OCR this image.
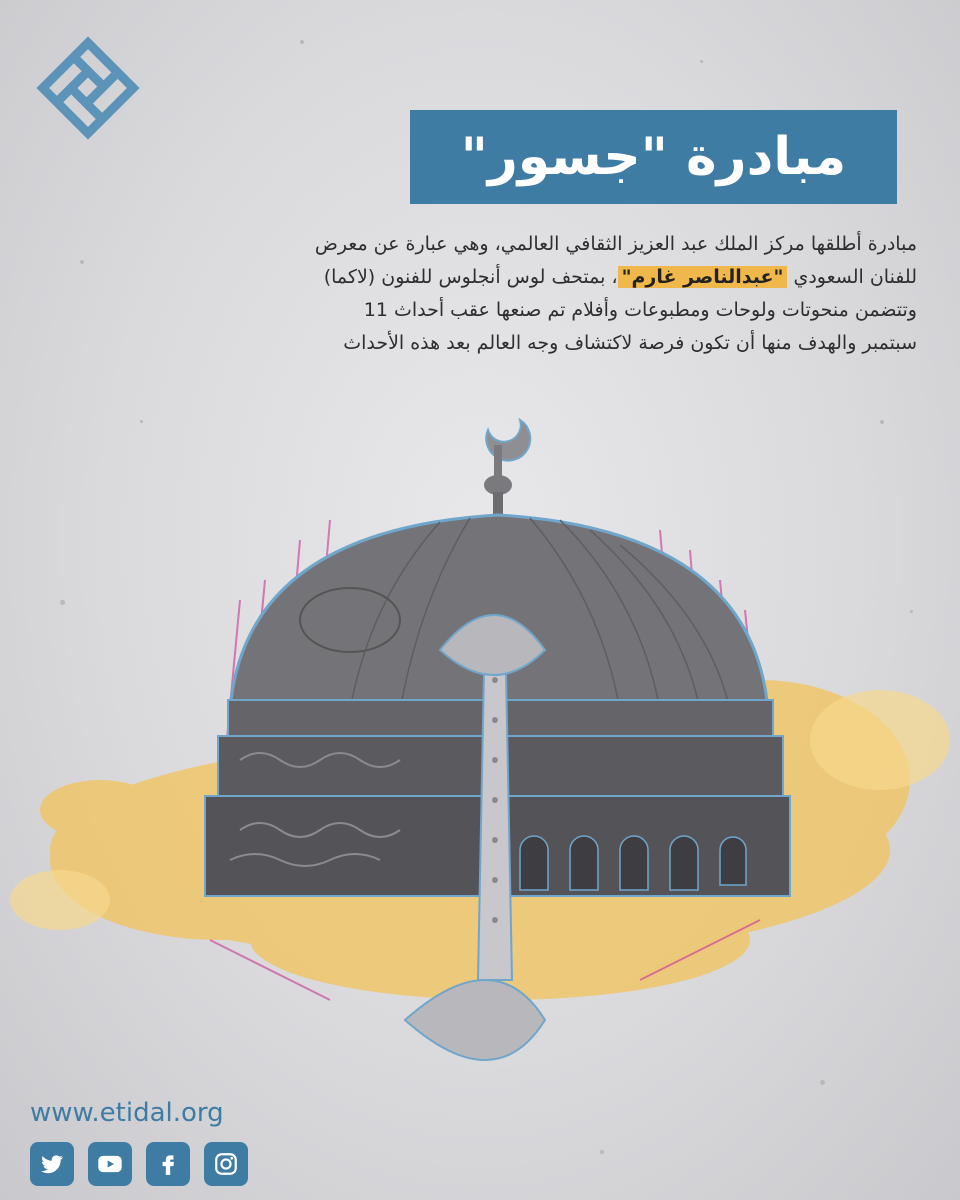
مبادرة "جسور"
مبادرة أطلقها مركز الملك عبد العزيز الثقافي العالمي، وهي عبارة عن معرض
للفنان السعودي "عبدالناصر غارم"، بمتحف لوس أنجلوس للفنون (لاكما)
وتتضمن منحوتات ولوحات ومطبوعات وأفلام تم صنعها عقب أحداث 11
سبتمبر والهدف منها أن تكون فرصة لاكتشاف وجه العالم بعد هذه الأحداث
www.etidal.org
